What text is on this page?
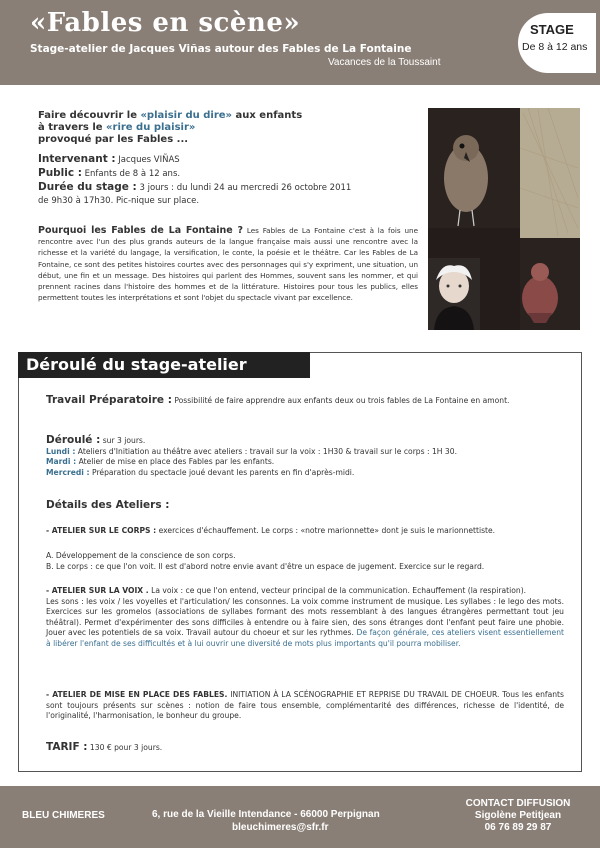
«Fables en scène»
Stage-atelier de Jacques Viñas autour des Fables de La Fontaine
Vacances de la Toussaint
STAGE
De 8 à 12 ans
Faire découvrir le «plaisir du dire» aux enfants
à travers le «rire du plaisir»
provoqué par les Fables ...
Intervenant : Jacques VIÑAS
Public : Enfants de 8 à 12 ans.
Durée du stage : 3 jours : du lundi 24 au mercredi 26 octobre 2011
de 9h30 à 17h30. Pic-nique sur place.
Pourquoi les Fables de La Fontaine ? Les Fables de La Fontaine c'est à la fois une rencontre avec l'un des plus grands auteurs de la langue française mais aussi une rencontre avec la richesse et la variété du langage, la versification, le conte, la poésie et le théâtre. Car les Fables de La Fontaine, ce sont des petites histoires courtes avec des personnages qui s'y expriment, une situation, un début, une fin et un message. Des histoires qui parlent des Hommes, souvent sans les nommer, et qui prennent racines dans l'histoire des hommes et de la littérature. Histoires pour tous les publics, elles permettent toutes les interprétations et sont l'objet du spectacle vivant par excellence.
Déroulé du stage-atelier
Travail Préparatoire : Possibilité de faire apprendre aux enfants deux ou trois fables de La Fontaine en amont.
Déroulé : sur 3 jours.
Lundi : Ateliers d'Initiation au théâtre avec ateliers : travail sur la voix : 1H30 & travail sur le corps : 1H 30.
Mardi : Atelier de mise en place des Fables par les enfants.
Mercredi : Préparation du spectacle joué devant les parents en fin d'après-midi.
Détails des Ateliers :
- ATELIER SUR LE CORPS : exercices d'échauffement. Le corps : «notre marionnette» dont je suis le marionnettiste.
A. Développement de la conscience de son corps.
B. Le corps : ce que l'on voit. Il est d'abord notre envie avant d'être un espace de jugement. Exercice sur le regard.
- ATELIER SUR LA VOIX . La voix : ce que l'on entend, vecteur principal de la communication. Echauffement (la respiration).
Les sons : les voix / les voyelles et l'articulation/ les consonnes. La voix comme instrument de musique. Les syllabes : le lego des mots. Exercices sur les gromelos (associations de syllabes formant des mots ressemblant à des langues étrangères permettant tout jeu théâtral). Permet d'expérimenter des sons difficiles à entendre ou à faire sien, des sons étranges dont l'enfant peut faire une phobie. Jouer avec les potentiels de sa voix. Travail autour du choeur et sur les rythmes. De façon générale, ces ateliers visent essentiellement à libérer l'enfant de ses difficultés et à lui ouvrir une diversité de mots plus importants qu'il pourra mobiliser.
- ATELIER DE MISE EN PLACE DES FABLES. INITIATION À LA SCÉNOGRAPHIE ET REPRISE DU TRAVAIL DE CHOEUR. Tous les enfants sont toujours présents sur scènes : notion de faire tous ensemble, complémentarité des différences, richesse de l'identité, de l'originalité, l'harmonisation, le bonheur du groupe.
TARIF : 130 € pour 3 jours.
BLEU CHIMERES	6, rue de la Vieille Intendance - 66000 Perpignan
bleuchimeres@sfr.fr
CONTACT DIFFUSION
Sigolène Petitjean
06 76 89 29 87
